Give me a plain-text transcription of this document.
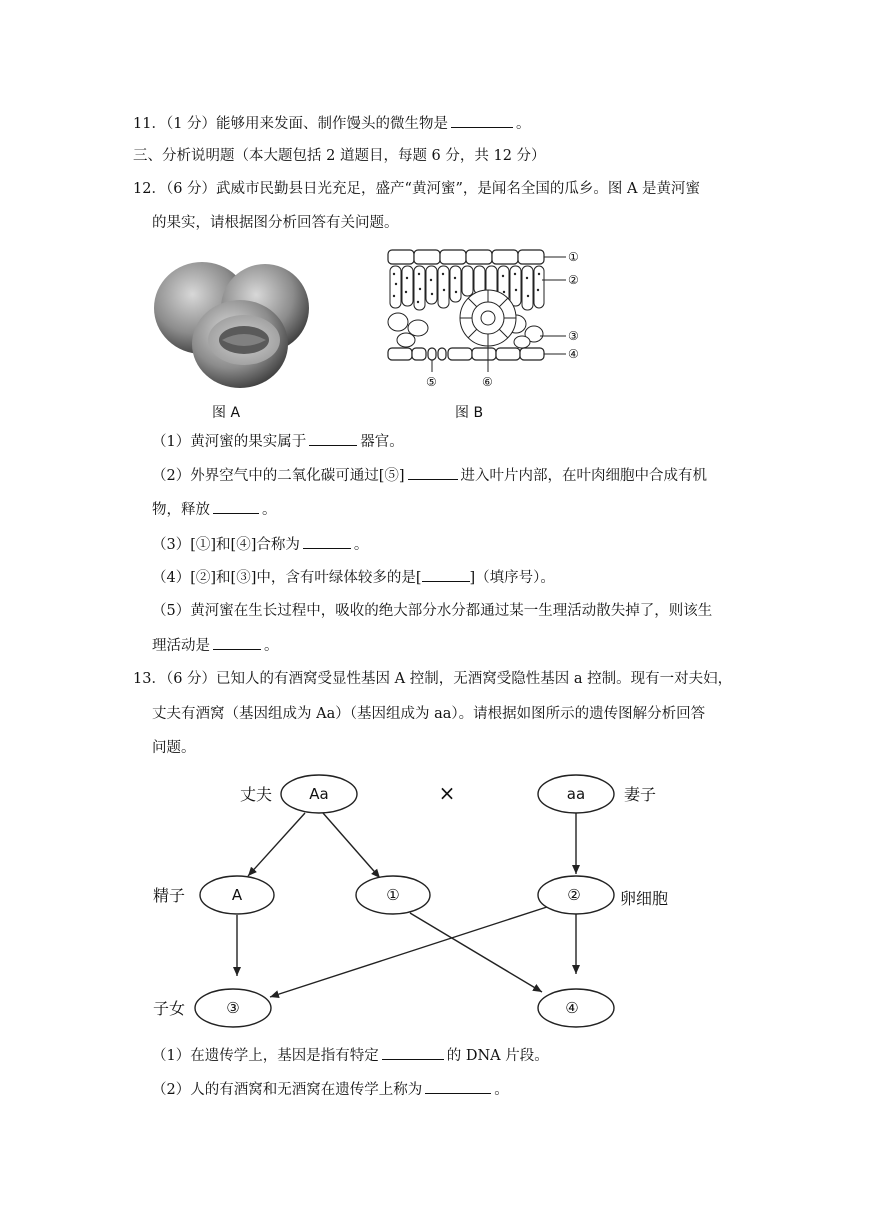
11．（1 分）能够用来发面、制作馒头的微生物是	。
三、分析说明题（本大题包括 2 道题目，每题 6 分，共 12 分）
12．（6 分）武威市民勤县日光充足，盛产“黄河蜜”，是闻名全国的瓜乡。图 A 是黄河蜜
的果实，请根据图分析回答有关问题。
图 A
①
②
③
④
⑤	⑥
图 B
（1）黄河蜜的果实属于	器官。
（2）外界空气中的二氧化碳可通过[⑤]	进入叶片内部，在叶肉细胞中合成有机
物，释放	。
（3）[①]和[④]合称为	。
（4）[②]和[③]中，含有叶绿体较多的是[	]（填序号）。
（5）黄河蜜在生长过程中，吸收的绝大部分水分都通过某一生理活动散失掉了，则该生
理活动是	。
13．（6 分）已知人的有酒窝受显性基因 A 控制，无酒窝受隐性基因 a 控制。现有一对夫妇，
丈夫有酒窝（基因组成为 Aa）（基因组成为 aa）。请根据如图所示的遗传图解分析回答
问题。
Aa	aa
A	①	②
③	④
×
丈夫	妻子
精子	卵细胞
子女
（1）在遗传学上，基因是指有特定	的 DNA 片段。
（2）人的有酒窝和无酒窝在遗传学上称为	。
